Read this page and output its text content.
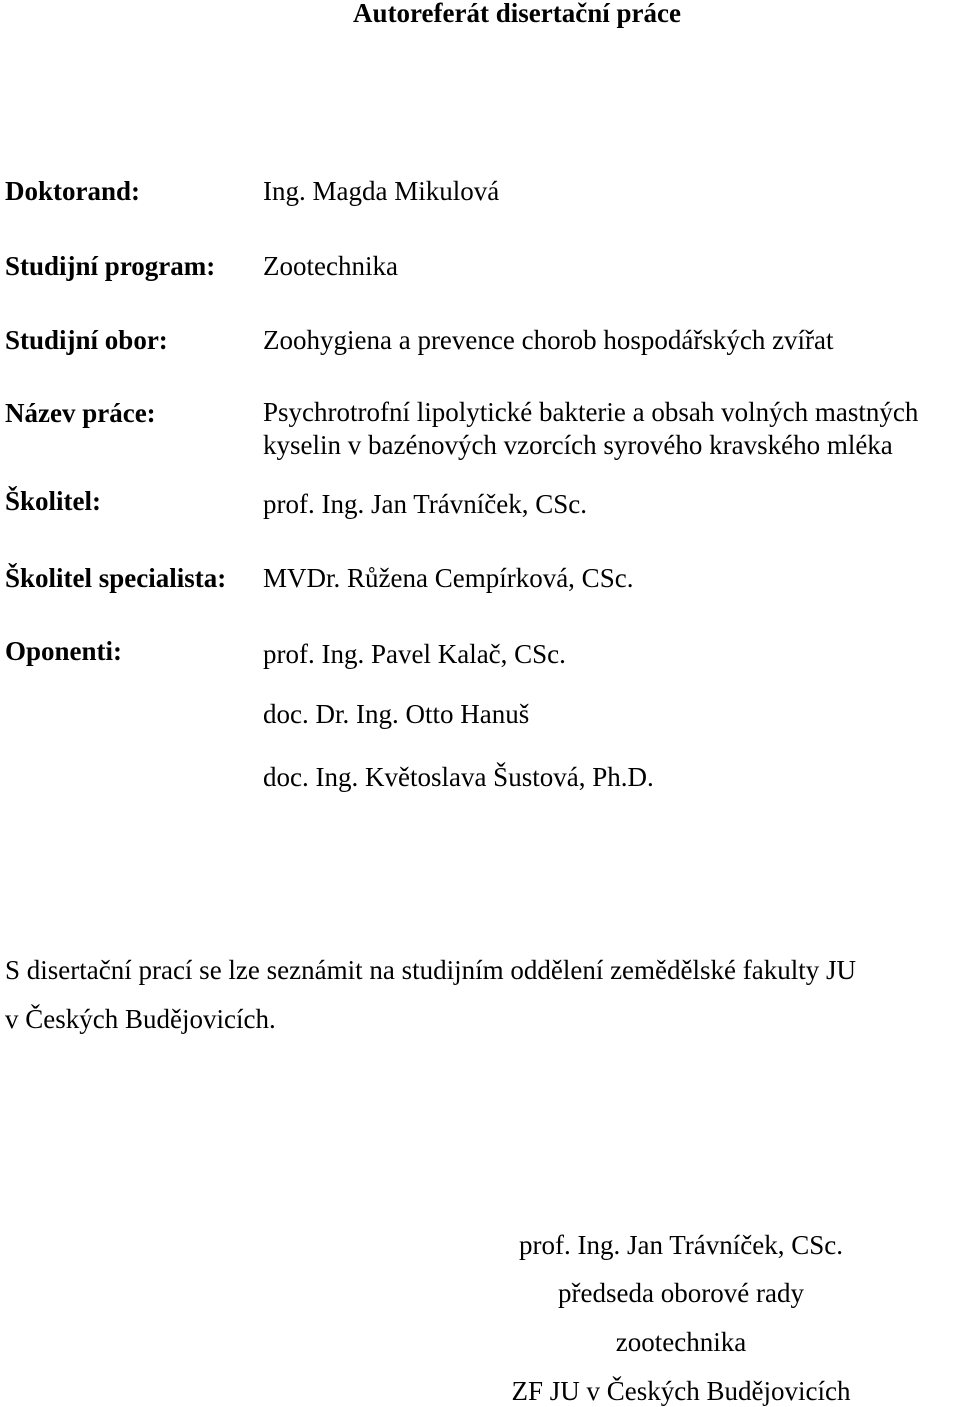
Autoreferát disertační práce
Doktorand:	Ing. Magda Mikulová
Studijní program: Zootechnika
Studijní obor:	Zoohygiena a prevence chorob hospodářských zvířat
Název práce:	Psychrotrofní lipolytické bakterie a obsah volných mastných
kyselin v bazénových vzorcích syrového kravského mléka
Školitel:	prof. Ing. Jan Trávníček, CSc.
Školitel specialista: MVDr. Růžena Cempírková, CSc.
Oponenti:	prof. Ing. Pavel Kalač, CSc.
doc. Dr. Ing. Otto Hanuš
doc. Ing. Květoslava Šustová, Ph.D.
S disertační prací se lze seznámit na studijním oddělení zemědělské fakulty JU
v Českých Budějovicích.
prof. Ing. Jan Trávníček, CSc.
předseda oborové rady
zootechnika
ZF JU v Českých Budějovicích
